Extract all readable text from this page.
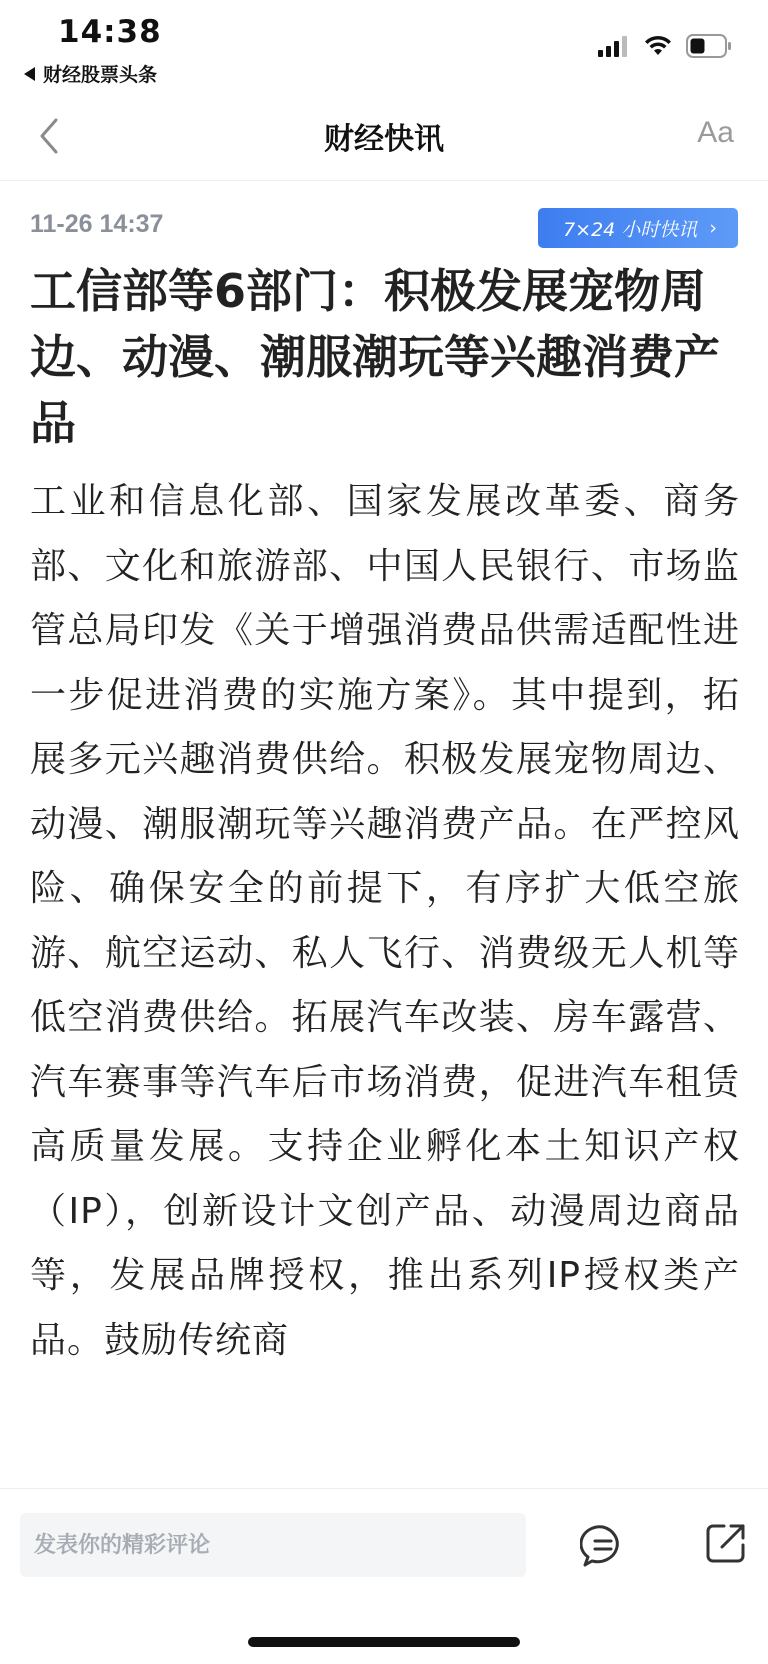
14:38
财经股票头条
财经快讯	Aa
11-26 14:37	7×24 小时快讯 ›
工信部等6部门：积极发展宠物周边、动漫、潮服潮玩等兴趣消费产品

工业和信息化部、国家发展改革委、商务部、文化和旅游部、中国人民银行、市场监管总局印发《关于增强消费品供需适配性进一步促进消费的实施方案》。其中提到，拓展多元兴趣消费供给。积极发展宠物周边、动漫、潮服潮玩等兴趣消费产品。在严控风险、确保安全的前提下，有序扩大低空旅游、航空运动、私人飞行、消费级无人机等低空消费供给。拓展汽车改装、房车露营、汽车赛事等汽车后市场消费，促进汽车租赁高质量发展。支持企业孵化本土知识产权（IP），创新设计文创产品、动漫周边商品等，发展品牌授权，推出系列IP授权类产品。鼓励传统商

发表你的精彩评论
